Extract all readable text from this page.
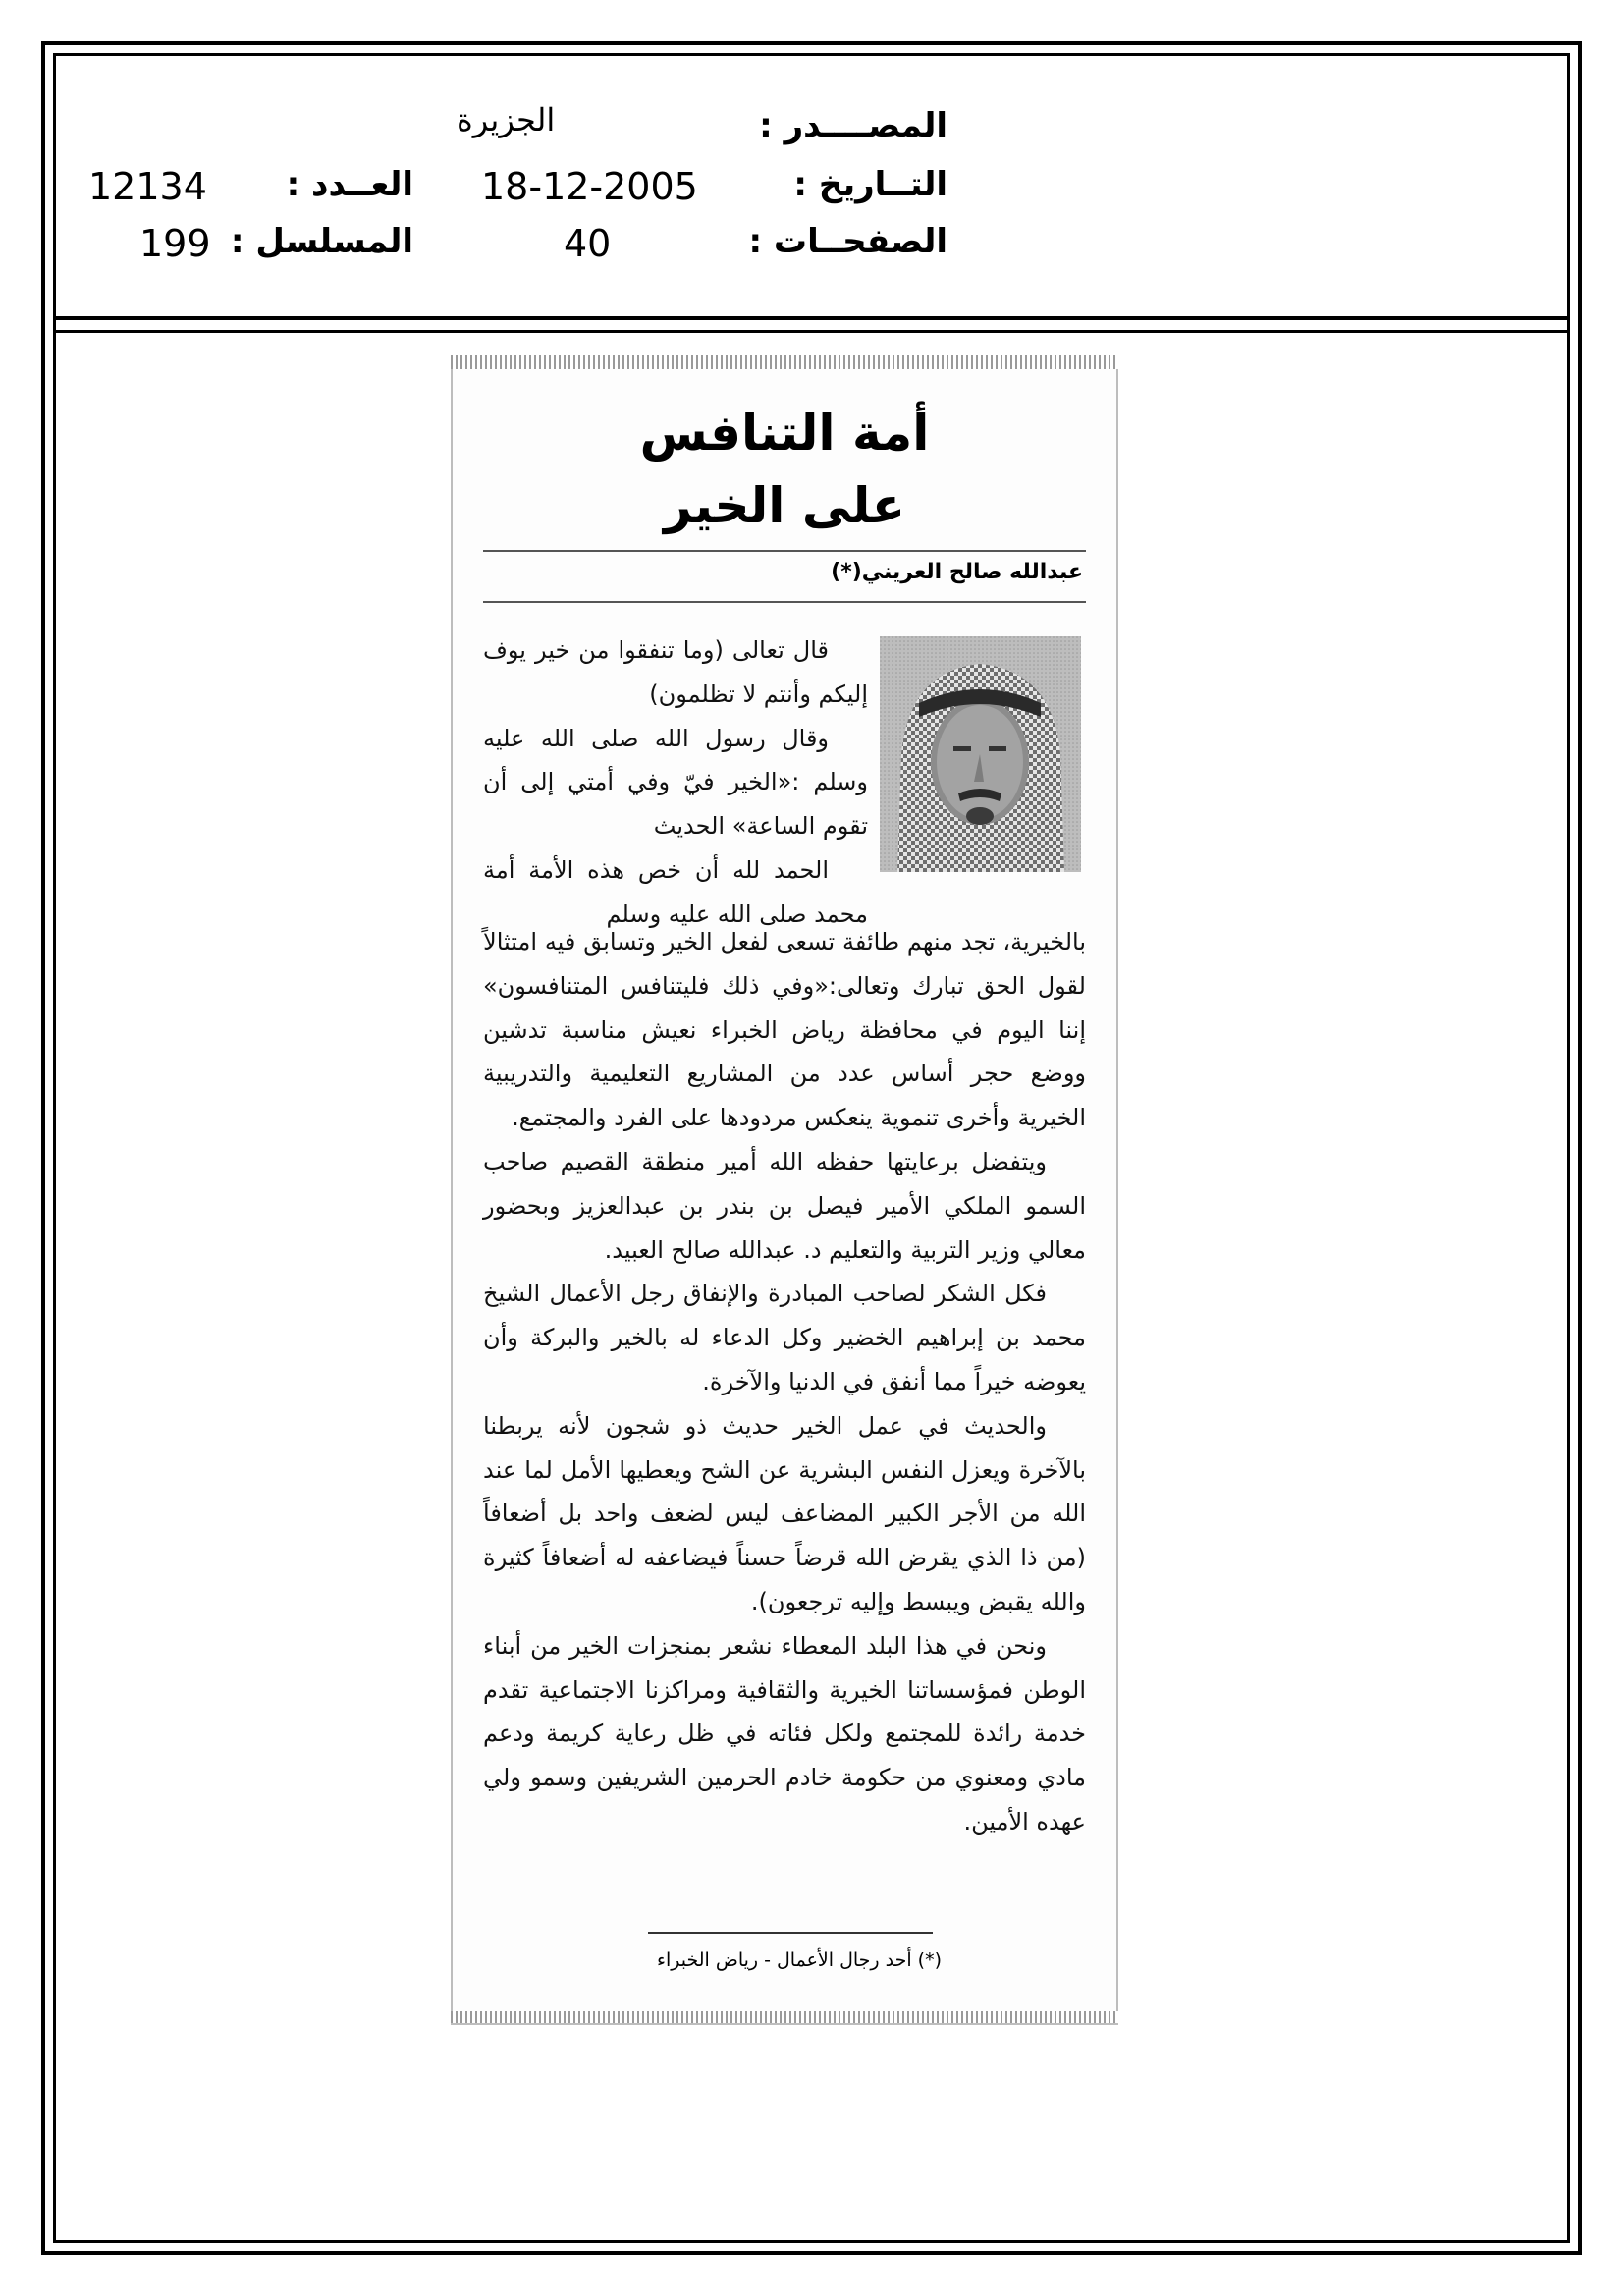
المصــــدر :
الجزيرة
التــاريخ :
18-12-2005
الصفحــات :
40
العــدد :
12134
المسلسل :
199
أمة التنافس
على الخير
عبدالله صالح العريني(*)

قال تعالى (وما تنفقوا من خير يوف إليكم وأنتم لا تظلمون)

وقال رسول الله صلى الله عليه وسلم :«الخير فيّ وفي أمتي إلى أن تقوم الساعة» الحديث

الحمد لله أن خص هذه الأمة أمة محمد صلى الله عليه وسلم

بالخيرية، تجد منهم طائفة تسعى لفعل الخير وتسابق فيه امتثالاً لقول الحق تبارك وتعالى:«وفي ذلك فليتنافس المتنافسون» إننا اليوم في محافظة رياض الخبراء نعيش مناسبة تدشين ووضع حجر أساس عدد من المشاريع التعليمية والتدريبية الخيرية وأخرى تنموية ينعكس مردودها على الفرد والمجتمع.

ويتفضل برعايتها حفظه الله أمير منطقة القصيم صاحب السمو الملكي الأمير فيصل بن بندر بن عبدالعزيز وبحضور معالي وزير التربية والتعليم د. عبدالله صالح العبيد.

فكل الشكر لصاحب المبادرة والإنفاق رجل الأعمال الشيخ محمد بن إبراهيم الخضير وكل الدعاء له بالخير والبركة وأن يعوضه خيراً مما أنفق في الدنيا والآخرة.

والحديث في عمل الخير حديث ذو شجون لأنه يربطنا بالآخرة ويعزل النفس البشرية عن الشح ويعطيها الأمل لما عند الله من الأجر الكبير المضاعف ليس لضعف واحد بل أضعافاً (من ذا الذي يقرض الله قرضاً حسناً فيضاعفه له أضعافاً كثيرة والله يقبض ويبسط وإليه ترجعون).

ونحن في هذا البلد المعطاء نشعر بمنجزات الخير من أبناء الوطن فمؤسساتنا الخيرية والثقافية ومراكزنا الاجتماعية تقدم خدمة رائدة للمجتمع ولكل فئاته في ظل رعاية كريمة ودعم مادي ومعنوي من حكومة خادم الحرمين الشريفين وسمو ولي عهده الأمين.

(*) أحد رجال الأعمال - رياض الخبراء
